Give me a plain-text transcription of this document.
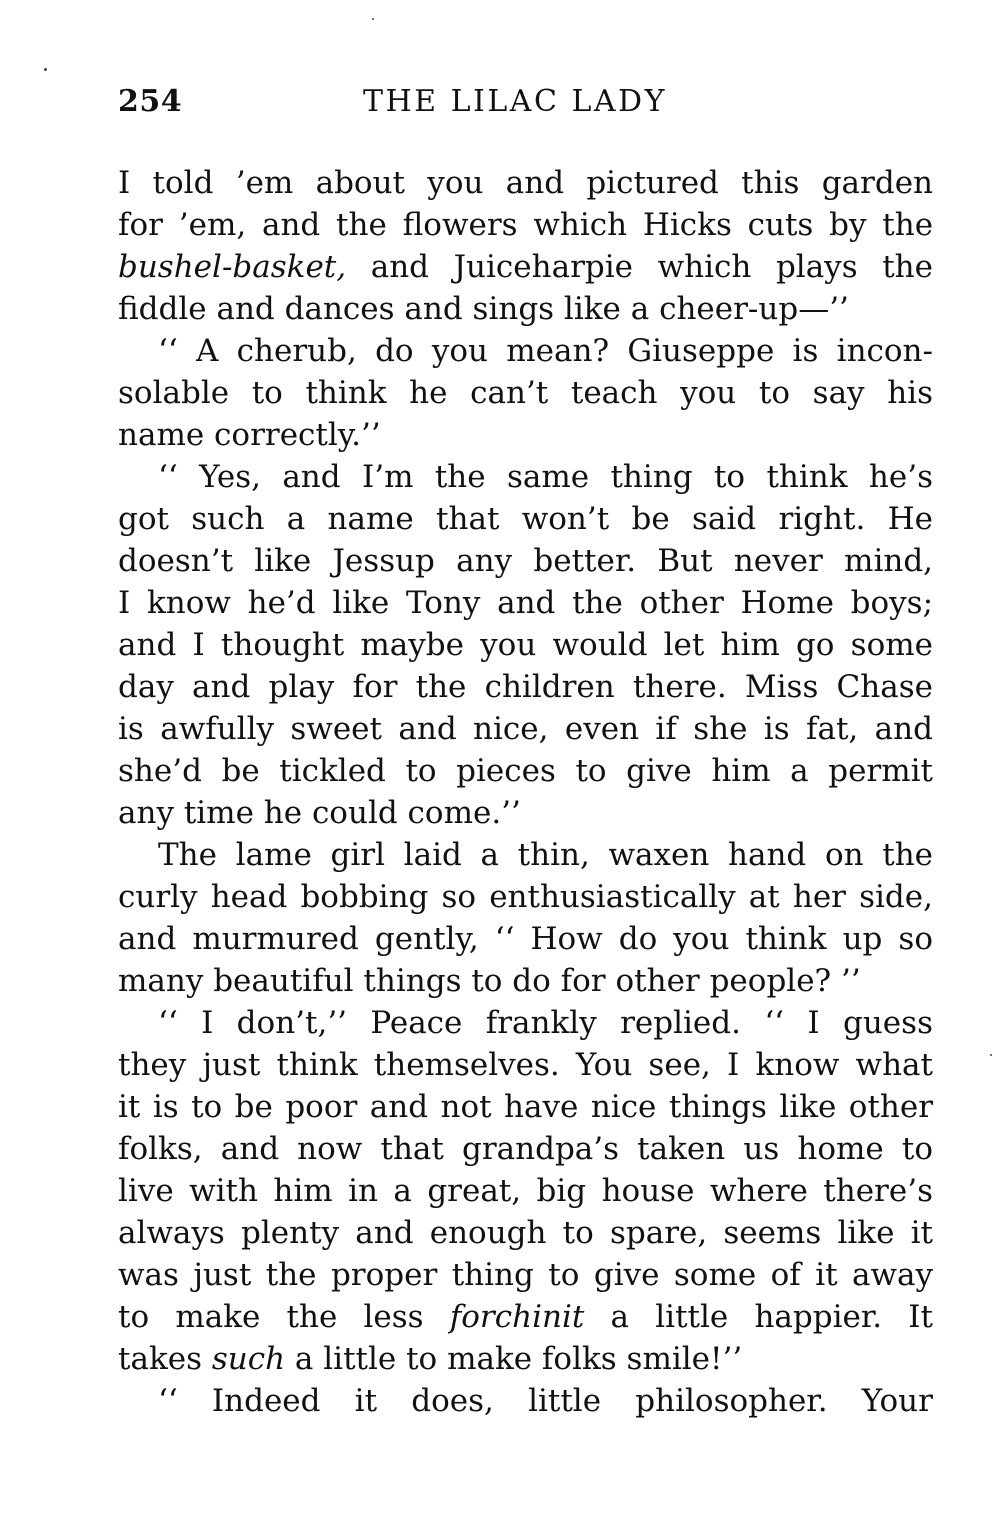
254	THE LILAC LADY
I told ’em about you and pictured this garden
for ’em, and the flowers which Hicks cuts by the
bushel-basket, and Juiceharpie which plays the
fiddle and dances and sings like a cheer-up—’’
‘‘ A cherub, do you mean? Giuseppe is incon-
solable to think he can’t teach you to say his
name correctly.’’
‘‘ Yes, and I’m the same thing to think he’s
got such a name that won’t be said right. He
doesn’t like Jessup any better. But never mind,
I know he’d like Tony and the other Home boys;
and I thought maybe you would let him go some
day and play for the children there. Miss Chase
is awfully sweet and nice, even if she is fat, and
she’d be tickled to pieces to give him a permit
any time he could come.’’
The lame girl laid a thin, waxen hand on the
curly head bobbing so enthusiastically at her side,
and murmured gently, ‘‘ How do you think up so
many beautiful things to do for other people? ’’
‘‘ I don’t,’’ Peace frankly replied. ‘‘ I guess
they just think themselves. You see, I know what
it is to be poor and not have nice things like other
folks, and now that grandpa’s taken us home to
live with him in a great, big house where there’s
always plenty and enough to spare, seems like it
was just the proper thing to give some of it away
to make the less forchinit a little happier. It
takes such a little to make folks smile!’’
‘‘ Indeed it does, little philosopher. Your
